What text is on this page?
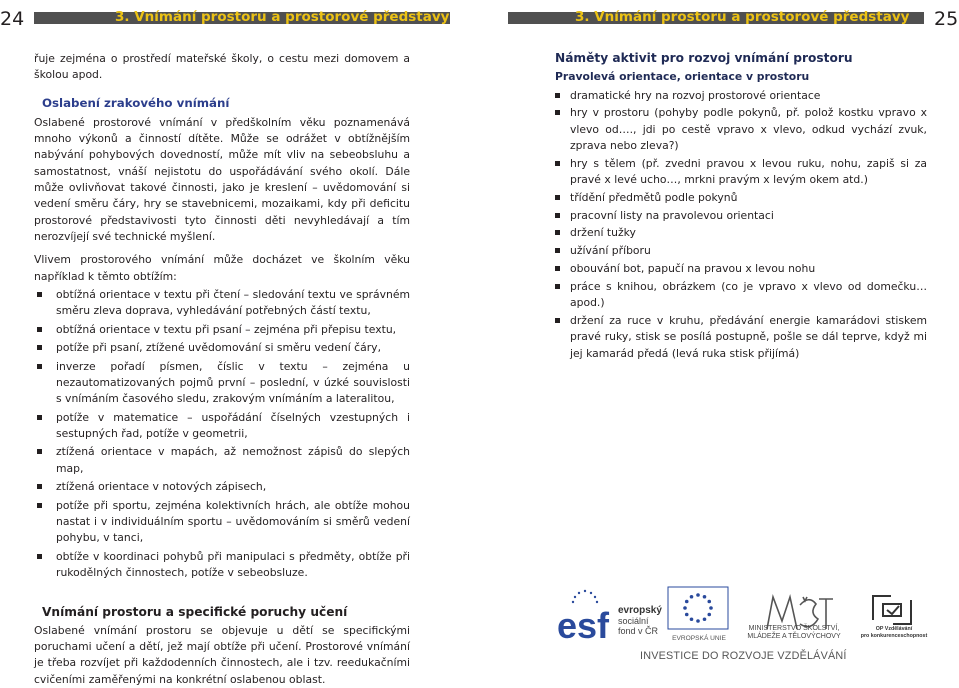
24	3. Vnímání prostoru a prostorové představy	3. Vnímání prostoru a prostorové představy 25

řuje zejména o prostředí mateřské školy, o cestu mezi domovem a školou apod.

Oslabení zrakového vnímání

Oslabené prostorové vnímání v předškolním věku poznamenává mnoho výkonů a činností dítěte. Může se odrážet v obtížnějším nabývání pohybových dovedností, může mít vliv na sebeobsluhu a samostatnost, vnáší nejistotu do uspořádávání svého okolí. Dále může ovlivňovat takové činnosti, jako je kreslení – uvědomování si vedení směru čáry, hry se stavebnicemi, mozaikami, kdy při deficitu prostorové představivosti tyto činnosti děti nevyhledávají a tím nerozvíjejí své technické myšlení.

Vlivem prostorového vnímání může docházet ve školním věku například k těmto obtížím:

obtížná orientace v textu při čtení – sledování textu ve správném směru zleva doprava, vyhledávání potřebných částí textu,
obtížná orientace v textu při psaní – zejména při přepisu textu,
potíže při psaní, ztížené uvědomování si směru vedení čáry,
inverze pořadí písmen, číslic v textu – zejména u nezautomatizovaných pojmů první – poslední, v úzké souvislosti s vnímáním časového sledu, zrakovým vnímáním a lateralitou,
potíže v matematice – uspořádání číselných vzestupných i sestupných řad, potíže v geometrii,
ztížená orientace v mapách, až nemožnost zápisů do slepých map,
ztížená orientace v notových zápisech,
potíže při sportu, zejména kolektivních hrách, ale obtíže mohou nastat i v individuálním sportu – uvědomováním si směrů vedení pohybu, v tanci,
obtíže v koordinaci pohybů při manipulaci s předměty, obtíže při rukodělných činnostech, potíže v sebeobsluze.
Vnímání prostoru a specifické poruchy učení

Oslabené vnímání prostoru se objevuje u dětí se specifickými poruchami učení a dětí, jež mají obtíže při učení. Prostorové vnímání je třeba rozvíjet při každodenních činnostech, ale i tzv. reedukačními cvičeními zaměřenými na konkrétní oslabenou oblast.

Náměty aktivit pro rozvoj vnímání prostoru
Pravolevá orientace, orientace v prostoru
dramatické hry na rozvoj prostorové orientace
hry v prostoru (pohyby podle pokynů, př. polož kostku vpravo x vlevo od…., jdi po cestě vpravo x vlevo, odkud vychází zvuk, zprava nebo zleva?)
hry s tělem (př. zvedni pravou x levou ruku, nohu, zapiš si za pravé x levé ucho…, mrkni pravým x levým okem atd.)
třídění předmětů podle pokynů
pracovní listy na pravolevou orientaci
držení tužky
užívání příboru
obouvání bot, papučí na pravou x levou nohu
práce s knihou, obrázkem (co je vpravo x vlevo od domečku…apod.)
držení za ruce v kruhu, předávání energie kamarádovi stiskem pravé ruky, stisk se posílá postupně, pošle se dál teprve, když mi jej kamarád předá (levá ruka stisk přijímá)
esf evropský
sociální
fond v ČR
EVROPSKÁ UNIE
MINISTERSTVO ŠKOLSTVÍ,
MLÁDEŽE A TĚLOVÝCHOVY
OP Vzdělávání
pro konkurenceschopnost
INVESTICE DO ROZVOJE VZDĚLÁVÁNÍ
